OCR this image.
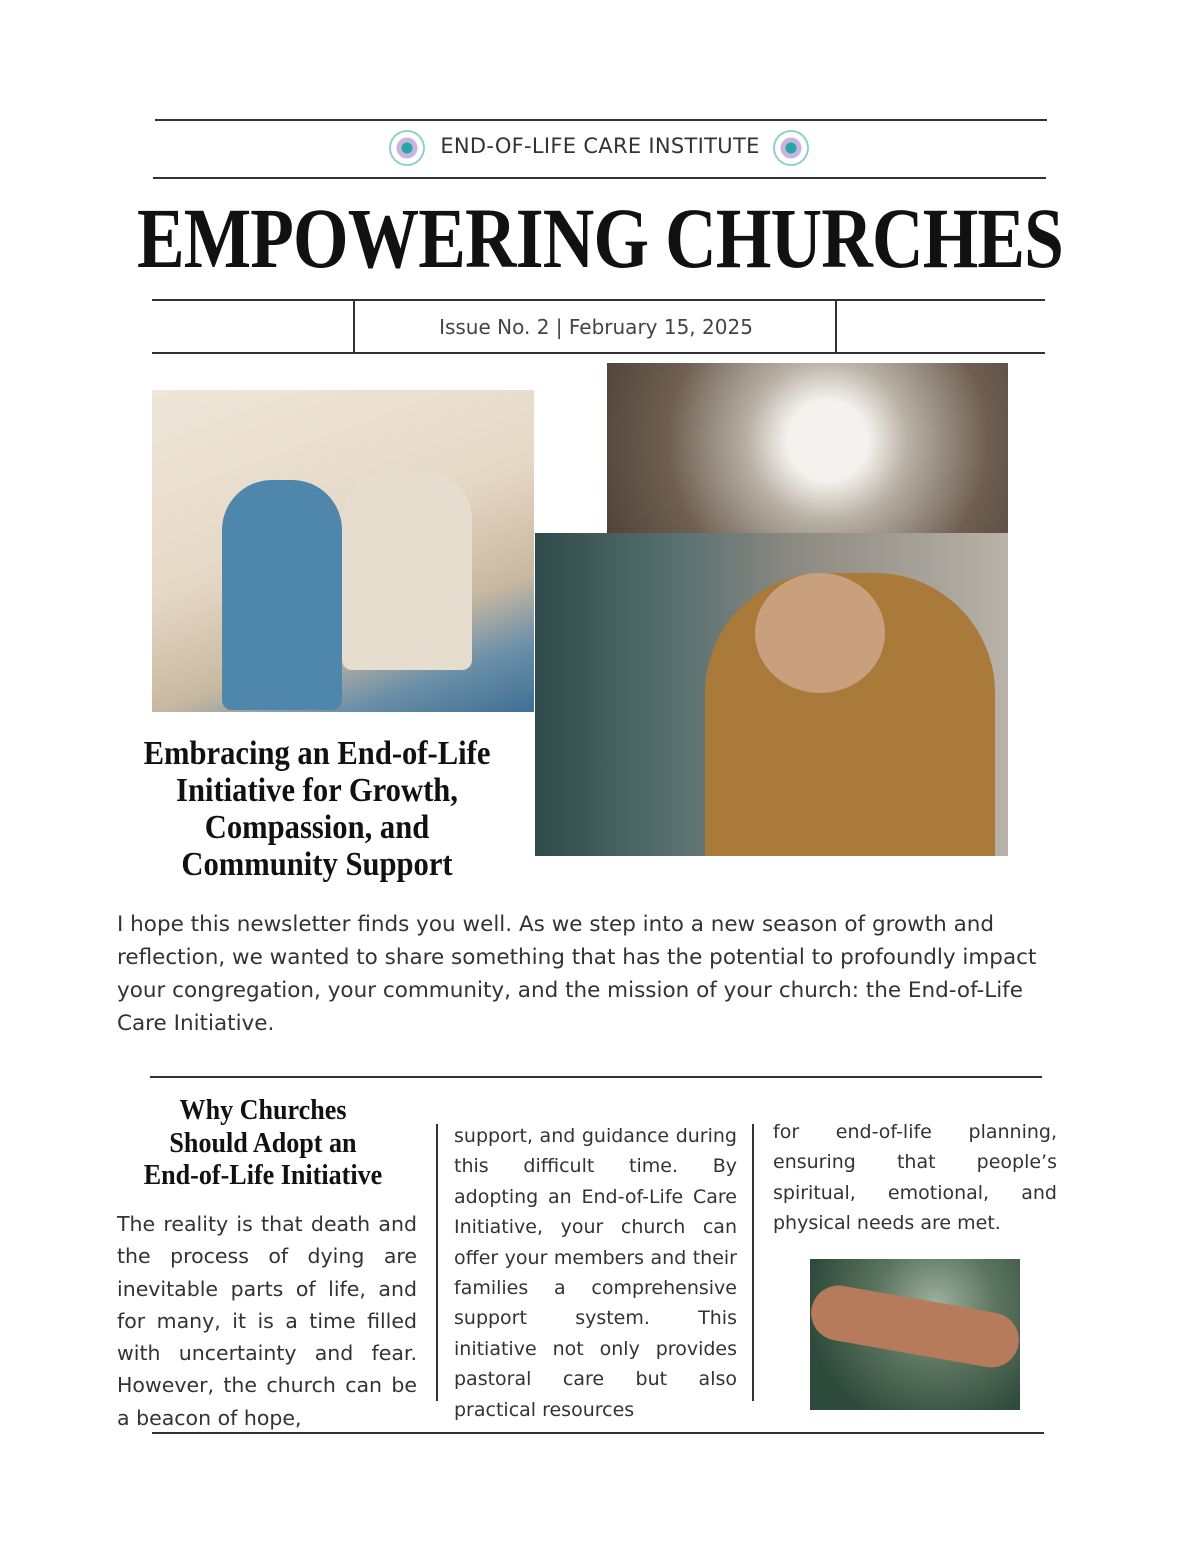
END-OF-LIFE CARE INSTITUTE
EMPOWERING CHURCHES
Issue No. 2 | February 15, 2025
Embracing an End-of-Life
Initiative for Growth,
Compassion, and
Community Support
I hope this newsletter finds you well. As we step into a new season of growth and reflection, we wanted to share something that has the potential to profoundly impact your congregation, your community, and the mission of your church: the End-of-Life Care Initiative.
Why Churches
Should Adopt an
End-of-Life Initiative
The reality is that death and the process of dying are inevitable parts of life, and for many, it is a time filled with uncertainty and fear. However, the church can be a beacon of hope,
support, and guidance during this difficult time. By adopting an End-of-Life Care Initiative, your church can offer your members and their families a comprehensive support system. This initiative not only provides pastoral care but also practical resources
for end-of-life planning, ensuring that people’s spiritual, emotional, and physical needs are met.
